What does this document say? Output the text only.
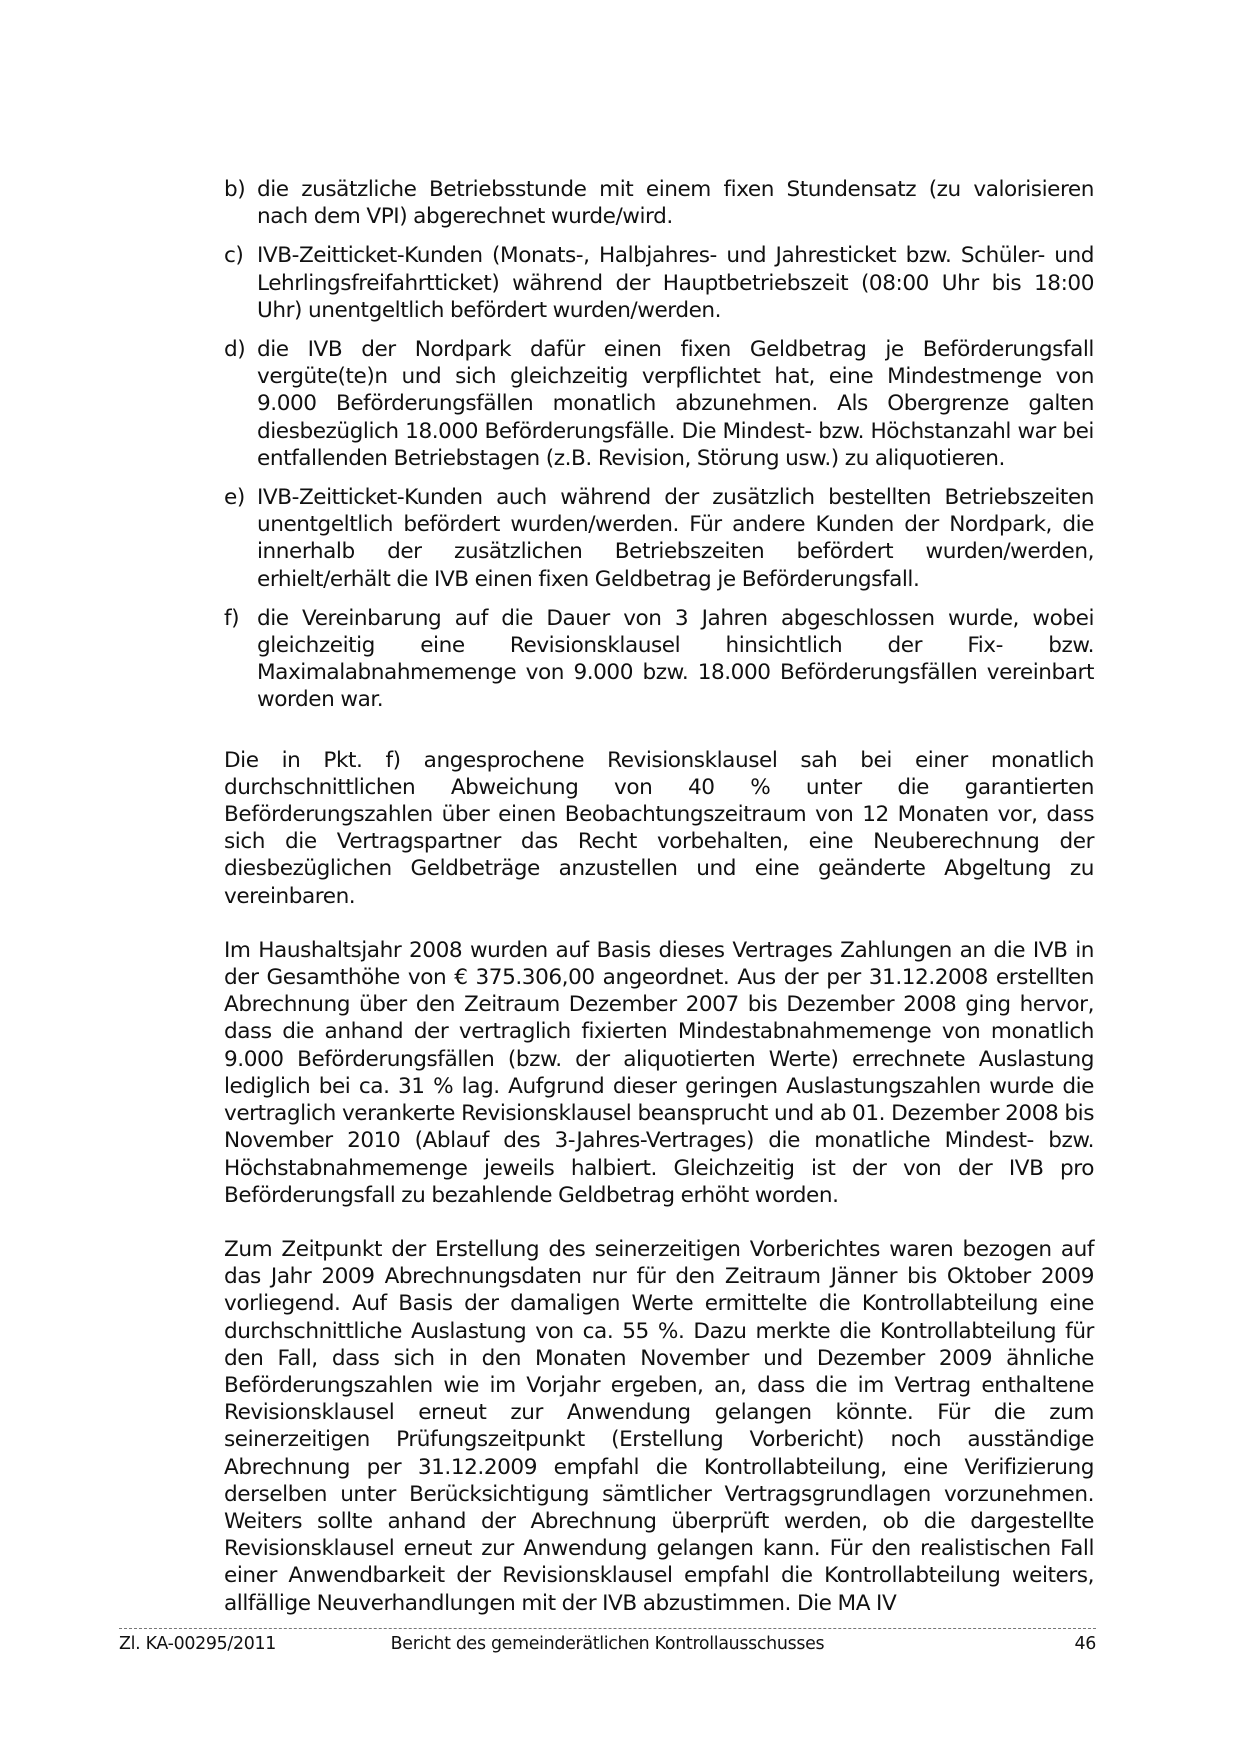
b) die zusätzliche Betriebsstunde mit einem fixen Stundensatz (zu valorisieren nach dem VPI) abgerechnet wurde/wird.
c) IVB-Zeitticket-Kunden (Monats-, Halbjahres- und Jahresticket bzw. Schüler- und Lehrlingsfreifahrtticket) während der Hauptbetriebszeit (08:00 Uhr bis 18:00 Uhr) unentgeltlich befördert wurden/werden.
d) die IVB der Nordpark dafür einen fixen Geldbetrag je Beförderungsfall vergüte(te)n und sich gleichzeitig verpflichtet hat, eine Mindestmenge von 9.000 Beförderungsfällen monatlich abzunehmen. Als Obergrenze galten diesbezüglich 18.000 Beförderungsfälle. Die Mindest- bzw. Höchstanzahl war bei entfallenden Betriebstagen (z.B. Revision, Störung usw.) zu aliquotieren.
e) IVB-Zeitticket-Kunden auch während der zusätzlich bestellten Betriebszeiten unentgeltlich befördert wurden/werden. Für andere Kunden der Nordpark, die innerhalb der zusätzlichen Betriebszeiten befördert wurden/werden, erhielt/erhält die IVB einen fixen Geldbetrag je Beförderungsfall.
f) die Vereinbarung auf die Dauer von 3 Jahren abgeschlossen wurde, wobei gleichzeitig eine Revisionsklausel hinsichtlich der Fix- bzw. Maximalabnahmemenge von 9.000 bzw. 18.000 Beförderungsfällen vereinbart worden war.

Die in Pkt. f) angesprochene Revisionsklausel sah bei einer monatlich durchschnittlichen Abweichung von 40 % unter die garantierten Beförderungszahlen über einen Beobachtungszeitraum von 12 Monaten vor, dass sich die Vertragspartner das Recht vorbehalten, eine Neuberechnung der diesbezüglichen Geldbeträge anzustellen und eine geänderte Abgeltung zu vereinbaren.

Im Haushaltsjahr 2008 wurden auf Basis dieses Vertrages Zahlungen an die IVB in der Gesamthöhe von € 375.306,00 angeordnet. Aus der per 31.12.2008 erstellten Abrechnung über den Zeitraum Dezember 2007 bis Dezember 2008 ging hervor, dass die anhand der vertraglich fixierten Mindestabnahmemenge von monatlich 9.000 Beförderungsfällen (bzw. der aliquotierten Werte) errechnete Auslastung lediglich bei ca. 31 % lag. Aufgrund dieser geringen Auslastungszahlen wurde die vertraglich verankerte Revisionsklausel beansprucht und ab 01. Dezember 2008 bis November 2010 (Ablauf des 3-Jahres-Vertrages) die monatliche Mindest- bzw. Höchstabnahmemenge jeweils halbiert. Gleichzeitig ist der von der IVB pro Beförderungsfall zu bezahlende Geldbetrag erhöht worden.

Zum Zeitpunkt der Erstellung des seinerzeitigen Vorberichtes waren bezogen auf das Jahr 2009 Abrechnungsdaten nur für den Zeitraum Jänner bis Oktober 2009 vorliegend. Auf Basis der damaligen Werte ermittelte die Kontrollabteilung eine durchschnittliche Auslastung von ca. 55 %. Dazu merkte die Kontrollabteilung für den Fall, dass sich in den Monaten November und Dezember 2009 ähnliche Beförderungszahlen wie im Vorjahr ergeben, an, dass die im Vertrag enthaltene Revisionsklausel erneut zur Anwendung gelangen könnte. Für die zum seinerzeitigen Prüfungszeitpunkt (Erstellung Vorbericht) noch ausständige Abrechnung per 31.12.2009 empfahl die Kontrollabteilung, eine Verifizierung derselben unter Berücksichtigung sämtlicher Vertragsgrundlagen vorzunehmen. Weiters sollte anhand der Abrechnung überprüft werden, ob die dargestellte Revisionsklausel erneut zur Anwendung gelangen kann. Für den realistischen Fall einer Anwendbarkeit der Revisionsklausel empfahl die Kontrollabteilung weiters, allfällige Neuverhandlungen mit der IVB abzustimmen. Die MA IV

Zl. KA-00295/2011	Bericht des gemeinderätlichen Kontrollausschusses	46
